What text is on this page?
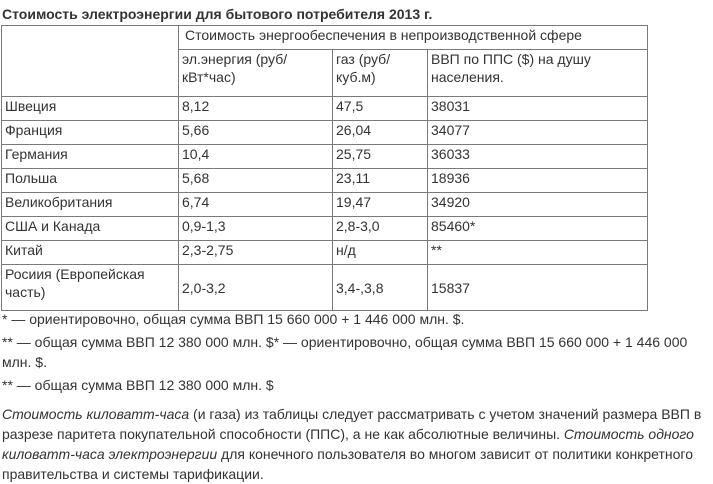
Стоимость электроэнергии для бытового потребителя 2013 г.
	Стоимость энергообеспечения в непроизводственной сфере		
	эл.энергия (руб/кВт*час)	газ (руб/ куб.м)	ВВП по ППС ($) на душу населения.
Швеция	8,12	47,5	38031
Франция	5,66	26,04	34077
Германия	10,4	25,75	36033
Польша	5,68	23,11	18936
Великобритания	6,74	19,47	34920
США и Канада	0,9-1,3	2,8-3,0	85460*
Китай	2,3-2,75	н/д	**
Росиия (Европейская часть)	2,0-3,2	3,4-,3,8	15837

* — ориентировочно, общая сумма ВВП 15 660 000 + 1 446 000 млн. $.

** — общая сумма ВВП 12 380 000 млн. $* — ориентировочно, общая сумма ВВП 15 660 000 + 1 446 000 млн. $.

** — общая сумма ВВП 12 380 000 млн. $

Стоимость киловатт-часа (и газа) из таблицы следует рассматривать с учетом значений размера ВВП в разрезе паритета покупательной способности (ППС), а не как абсолютные величины. Стоимость одного киловатт-часа электроэнергии для конечного пользователя во многом зависит от политики конкретного правительства и системы тарификации.
